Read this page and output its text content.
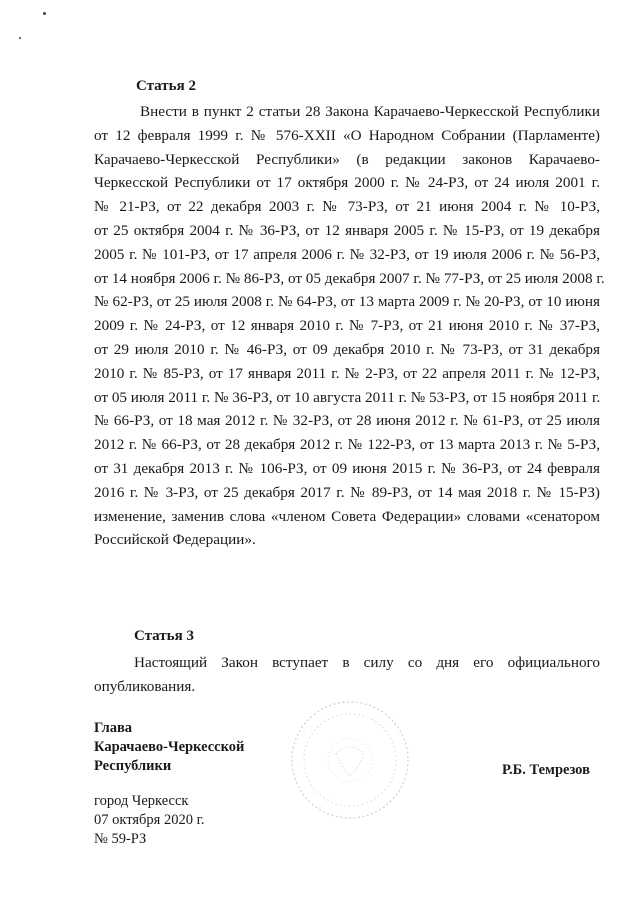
Статья 2
Внести в пункт 2 статьи 28 Закона Карачаево-Черкесской Республики
от 12 февраля 1999 г. № 576-XXII «О Народном Собрании (Парламенте)
Карачаево-Черкесской Республики» (в редакции законов Карачаево-
Черкесской Республики от 17 октября 2000 г. № 24-РЗ, от 24 июля 2001 г.
№ 21-РЗ, от 22 декабря 2003 г. № 73-РЗ, от 21 июня 2004 г. № 10-РЗ,
от 25 октября 2004 г. № 36-РЗ, от 12 января 2005 г. № 15-РЗ, от 19 декабря
2005 г. № 101-РЗ, от 17 апреля 2006 г. № 32-РЗ, от 19 июля 2006 г. № 56-РЗ,
от 14 ноября 2006 г. № 86-РЗ, от 05 декабря 2007 г. № 77-РЗ, от 25 июля 2008 г.
№ 62-РЗ, от 25 июля 2008 г. № 64-РЗ, от 13 марта 2009 г. № 20-РЗ, от 10 июня
2009 г. № 24-РЗ, от 12 января 2010 г. № 7-РЗ, от 21 июня 2010 г. № 37-РЗ,
от 29 июля 2010 г. № 46-РЗ, от 09 декабря 2010 г. № 73-РЗ, от 31 декабря
2010 г. № 85-РЗ, от 17 января 2011 г. № 2-РЗ, от 22 апреля 2011 г. № 12-РЗ,
от 05 июля 2011 г. № 36-РЗ, от 10 августа 2011 г. № 53-РЗ, от 15 ноября 2011 г.
№ 66-РЗ, от 18 мая 2012 г. № 32-РЗ, от 28 июня 2012 г. № 61-РЗ, от 25 июля
2012 г. № 66-РЗ, от 28 декабря 2012 г. № 122-РЗ, от 13 марта 2013 г. № 5-РЗ,
от 31 декабря 2013 г. № 106-РЗ, от 09 июня 2015 г. № 36-РЗ, от 24 февраля
2016 г. № 3-РЗ, от 25 декабря 2017 г. № 89-РЗ, от 14 мая 2018 г. № 15-РЗ)
изменение, заменив слова «членом Совета Федерации» словами «сенатором
Российской Федерации».
Статья 3
Настоящий Закон вступает в силу со дня его официального
опубликования.
Глава
Карачаево-Черкесской
Республики	Р.Б. Темрезов
город Черкесск
07 октября 2020 г.
№ 59-РЗ
